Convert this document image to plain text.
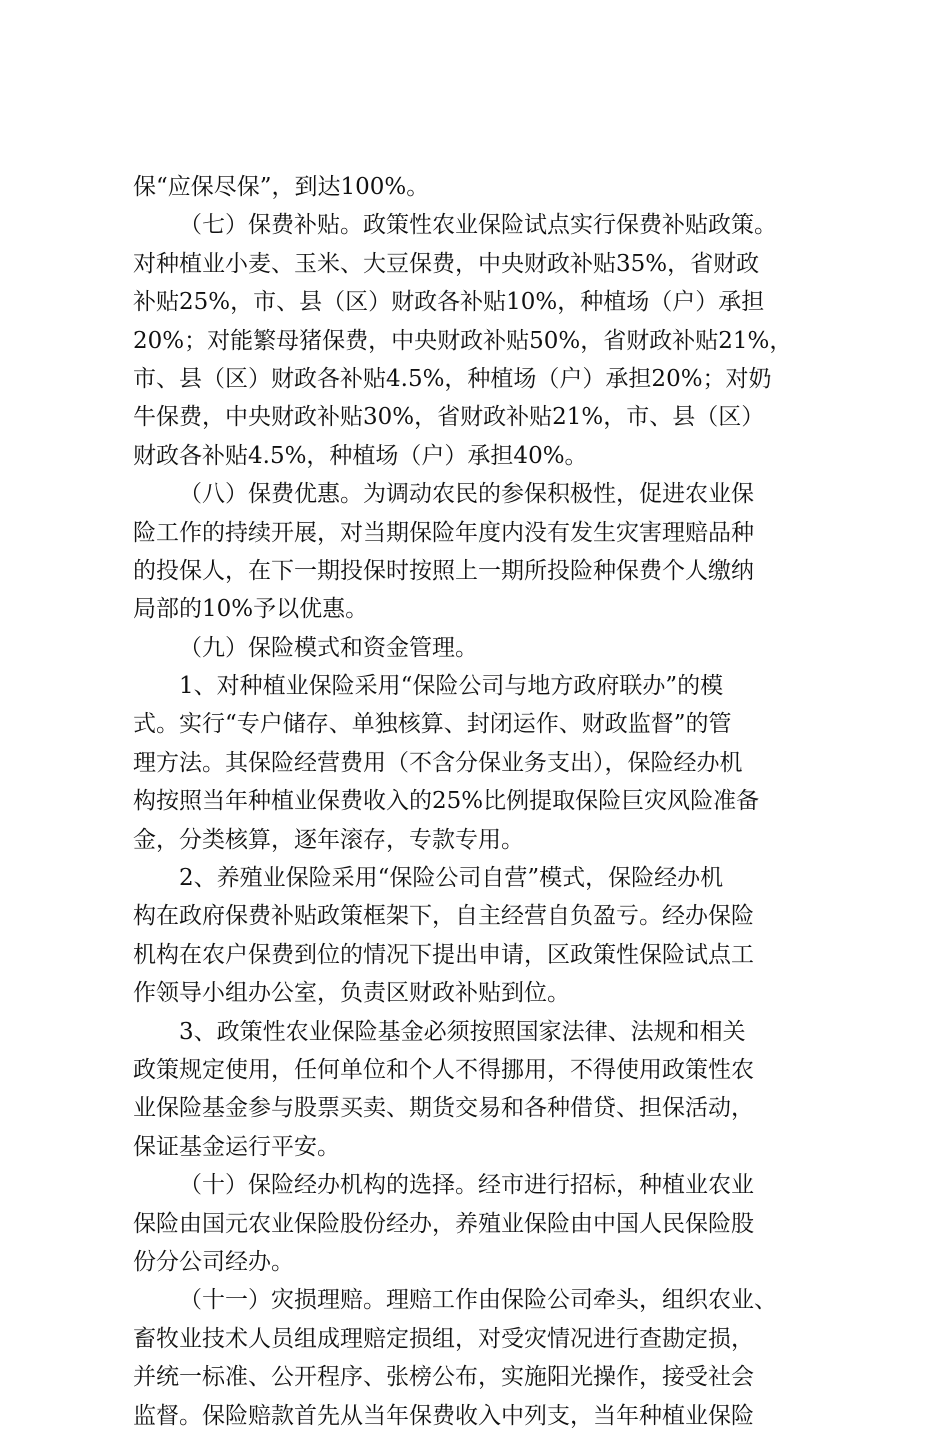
保“应保尽保”，到达100%。
（七）保费补贴。政策性农业保险试点实行保费补贴政策。
对种植业小麦、玉米、大豆保费，中央财政补贴35%，省财政
补贴25%，市、县（区）财政各补贴10%，种植场（户）承担
20%；对能繁母猪保费，中央财政补贴50%，省财政补贴21%，
市、县（区）财政各补贴4.5%，种植场（户）承担20%；对奶
牛保费，中央财政补贴30%，省财政补贴21%，市、县（区）
财政各补贴4.5%，种植场（户）承担40%。
（八）保费优惠。为调动农民的参保积极性，促进农业保
险工作的持续开展，对当期保险年度内没有发生灾害理赔品种
的投保人，在下一期投保时按照上一期所投险种保费个人缴纳
局部的10%予以优惠。
（九）保险模式和资金管理。
1、对种植业保险采用“保险公司与地方政府联办”的模
式。实行“专户储存、单独核算、封闭运作、财政监督”的管
理方法。其保险经营费用（不含分保业务支出），保险经办机
构按照当年种植业保费收入的25%比例提取保险巨灾风险准备
金，分类核算，逐年滚存，专款专用。
2、养殖业保险采用“保险公司自营”模式，保险经办机
构在政府保费补贴政策框架下，自主经营自负盈亏。经办保险
机构在农户保费到位的情况下提出申请，区政策性保险试点工
作领导小组办公室，负责区财政补贴到位。
3、政策性农业保险基金必须按照国家法律、法规和相关
政策规定使用，任何单位和个人不得挪用，不得使用政策性农
业保险基金参与股票买卖、期货交易和各种借贷、担保活动，
保证基金运行平安。
（十）保险经办机构的选择。经市进行招标，种植业农业
保险由国元农业保险股份经办，养殖业保险由中国人民保险股
份分公司经办。
（十一）灾损理赔。理赔工作由保险公司牵头，组织农业、
畜牧业技术人员组成理赔定损组，对受灾情况进行查勘定损，
并统一标准、公开程序、张榜公布，实施阳光操作，接受社会
监督。保险赔款首先从当年保费收入中列支，当年种植业保险
